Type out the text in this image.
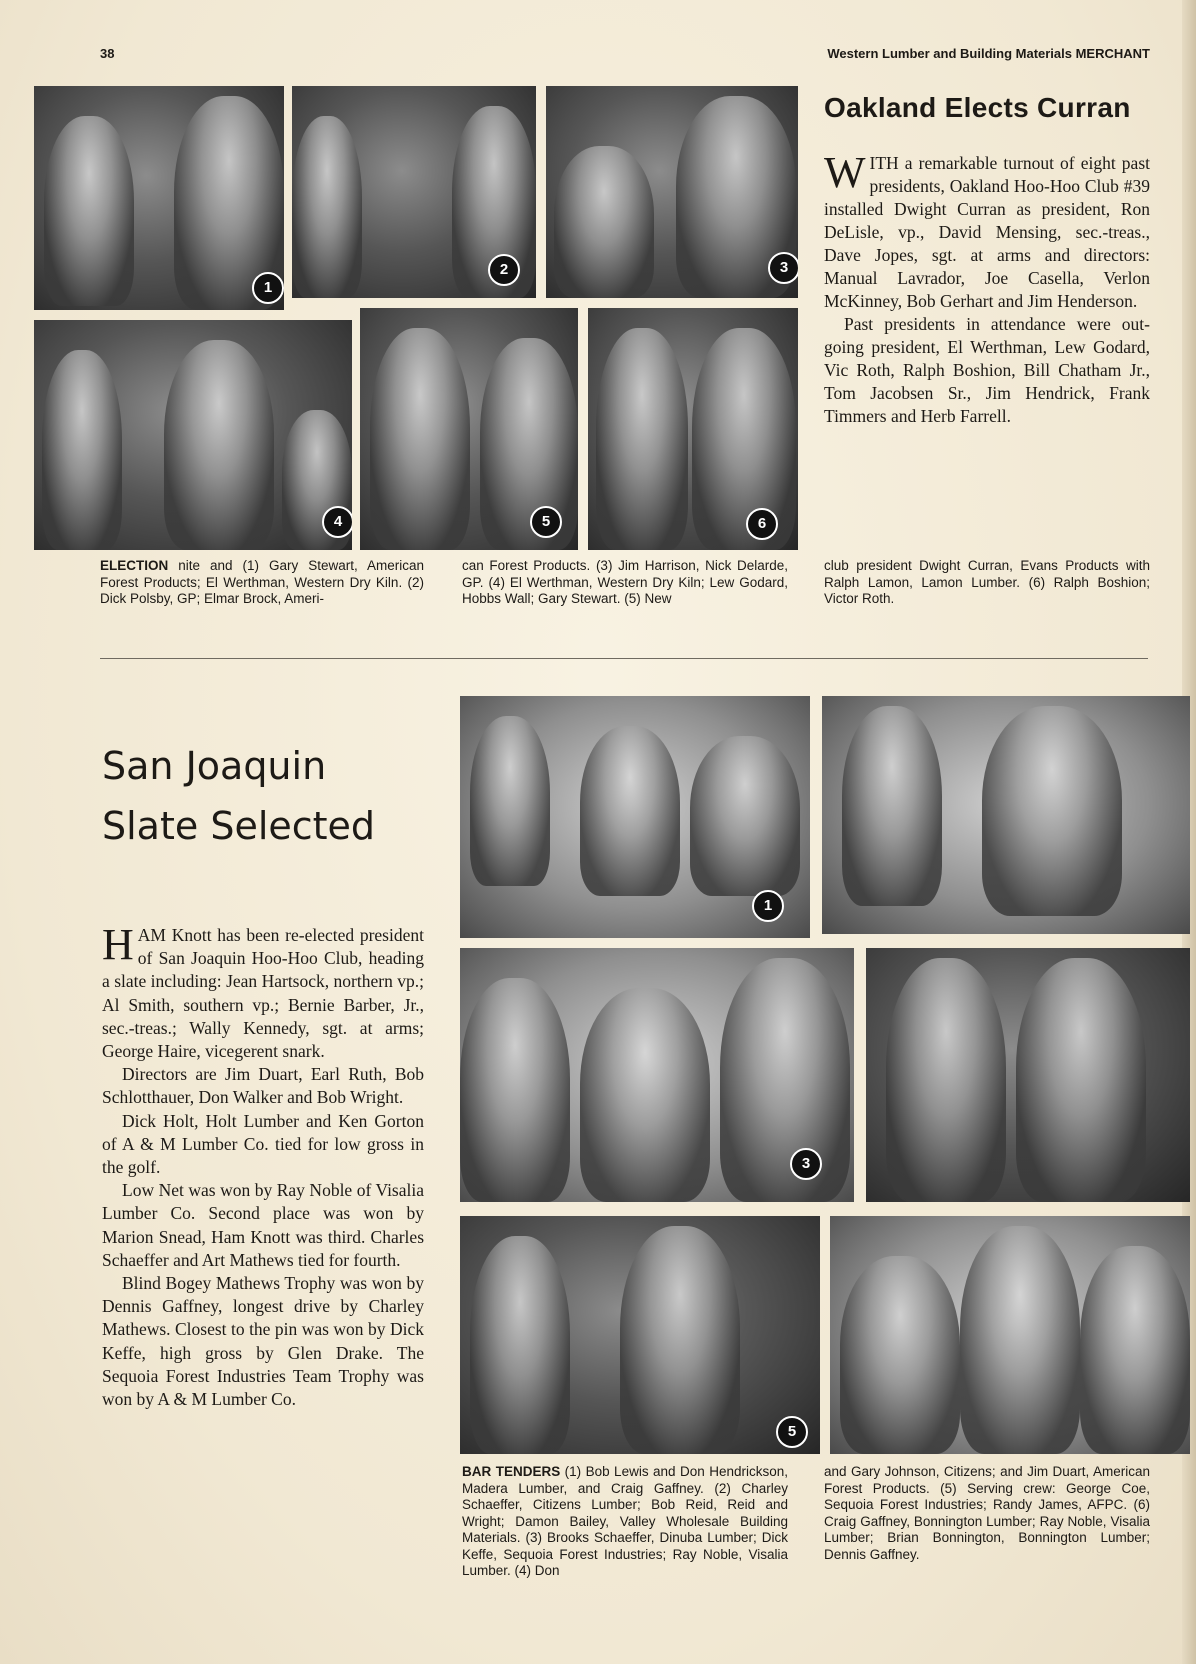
38	Western Lumber and Building Materials MERCHANT
1
2	3
4	5	6
Oakland Elects Curran

WITH a remarkable turnout of eight past presidents, Oakland Hoo-Hoo Club #39 installed Dwight Curran as president, Ron DeLisle, vp., David Mensing, sec.-treas., Dave Jopes, sgt. at arms and directors: Manual Lavrador, Joe Casella, Verlon McKinney, Bob Gerhart and Jim Henderson.

Past presidents in attendance were out-going president, El Werthman, Lew Godard, Vic Roth, Ralph Boshion, Bill Chatham Jr., Tom Jacobsen Sr., Jim Hendrick, Frank Timmers and Herb Farrell.

ELECTION nite and (1) Gary Stewart, American Forest Products; El Werthman, Western Dry Kiln. (2) Dick Polsby, GP; Elmar Brock, Ameri-
can Forest Products. (3) Jim Harrison, Nick Delarde, GP. (4) El Werthman, Western Dry Kiln; Lew Godard, Hobbs Wall; Gary Stewart. (5) New
club president Dwight Curran, Evans Products with Ralph Lamon, Lamon Lumber. (6) Ralph Boshion; Victor Roth.
San Joaquin
Slate Selected

HAM Knott has been re-elected president of San Joaquin Hoo-Hoo Club, heading a slate including: Jean Hartsock, northern vp.; Al Smith, southern vp.; Bernie Barber, Jr., sec.-treas.; Wally Kennedy, sgt. at arms; George Haire, vicegerent snark.

Directors are Jim Duart, Earl Ruth, Bob Schlotthauer, Don Walker and Bob Wright.

Dick Holt, Holt Lumber and Ken Gorton of A & M Lumber Co. tied for low gross in the golf.

Low Net was won by Ray Noble of Visalia Lumber Co. Second place was won by Marion Snead, Ham Knott was third. Charles Schaeffer and Art Mathews tied for fourth.

Blind Bogey Mathews Trophy was won by Dennis Gaffney, longest drive by Charley Mathews. Closest to the pin was won by Dick Keffe, high gross by Glen Drake. The Sequoia Forest Industries Team Trophy was won by A & M Lumber Co.

1
3
5
BAR TENDERS (1) Bob Lewis and Don Hendrickson, Madera Lumber, and Craig Gaffney. (2) Charley Schaeffer, Citizens Lumber; Bob Reid, Reid and Wright; Damon Bailey, Valley Wholesale Building Materials. (3) Brooks Schaeffer, Dinuba Lumber; Dick Keffe, Sequoia Forest Industries; Ray Noble, Visalia Lumber. (4) Don
and Gary Johnson, Citizens; and Jim Duart, American Forest Products. (5) Serving crew: George Coe, Sequoia Forest Industries; Randy James, AFPC. (6) Craig Gaffney, Bonnington Lumber; Ray Noble, Visalia Lumber; Brian Bonnington, Bonnington Lumber; Dennis Gaffney.
